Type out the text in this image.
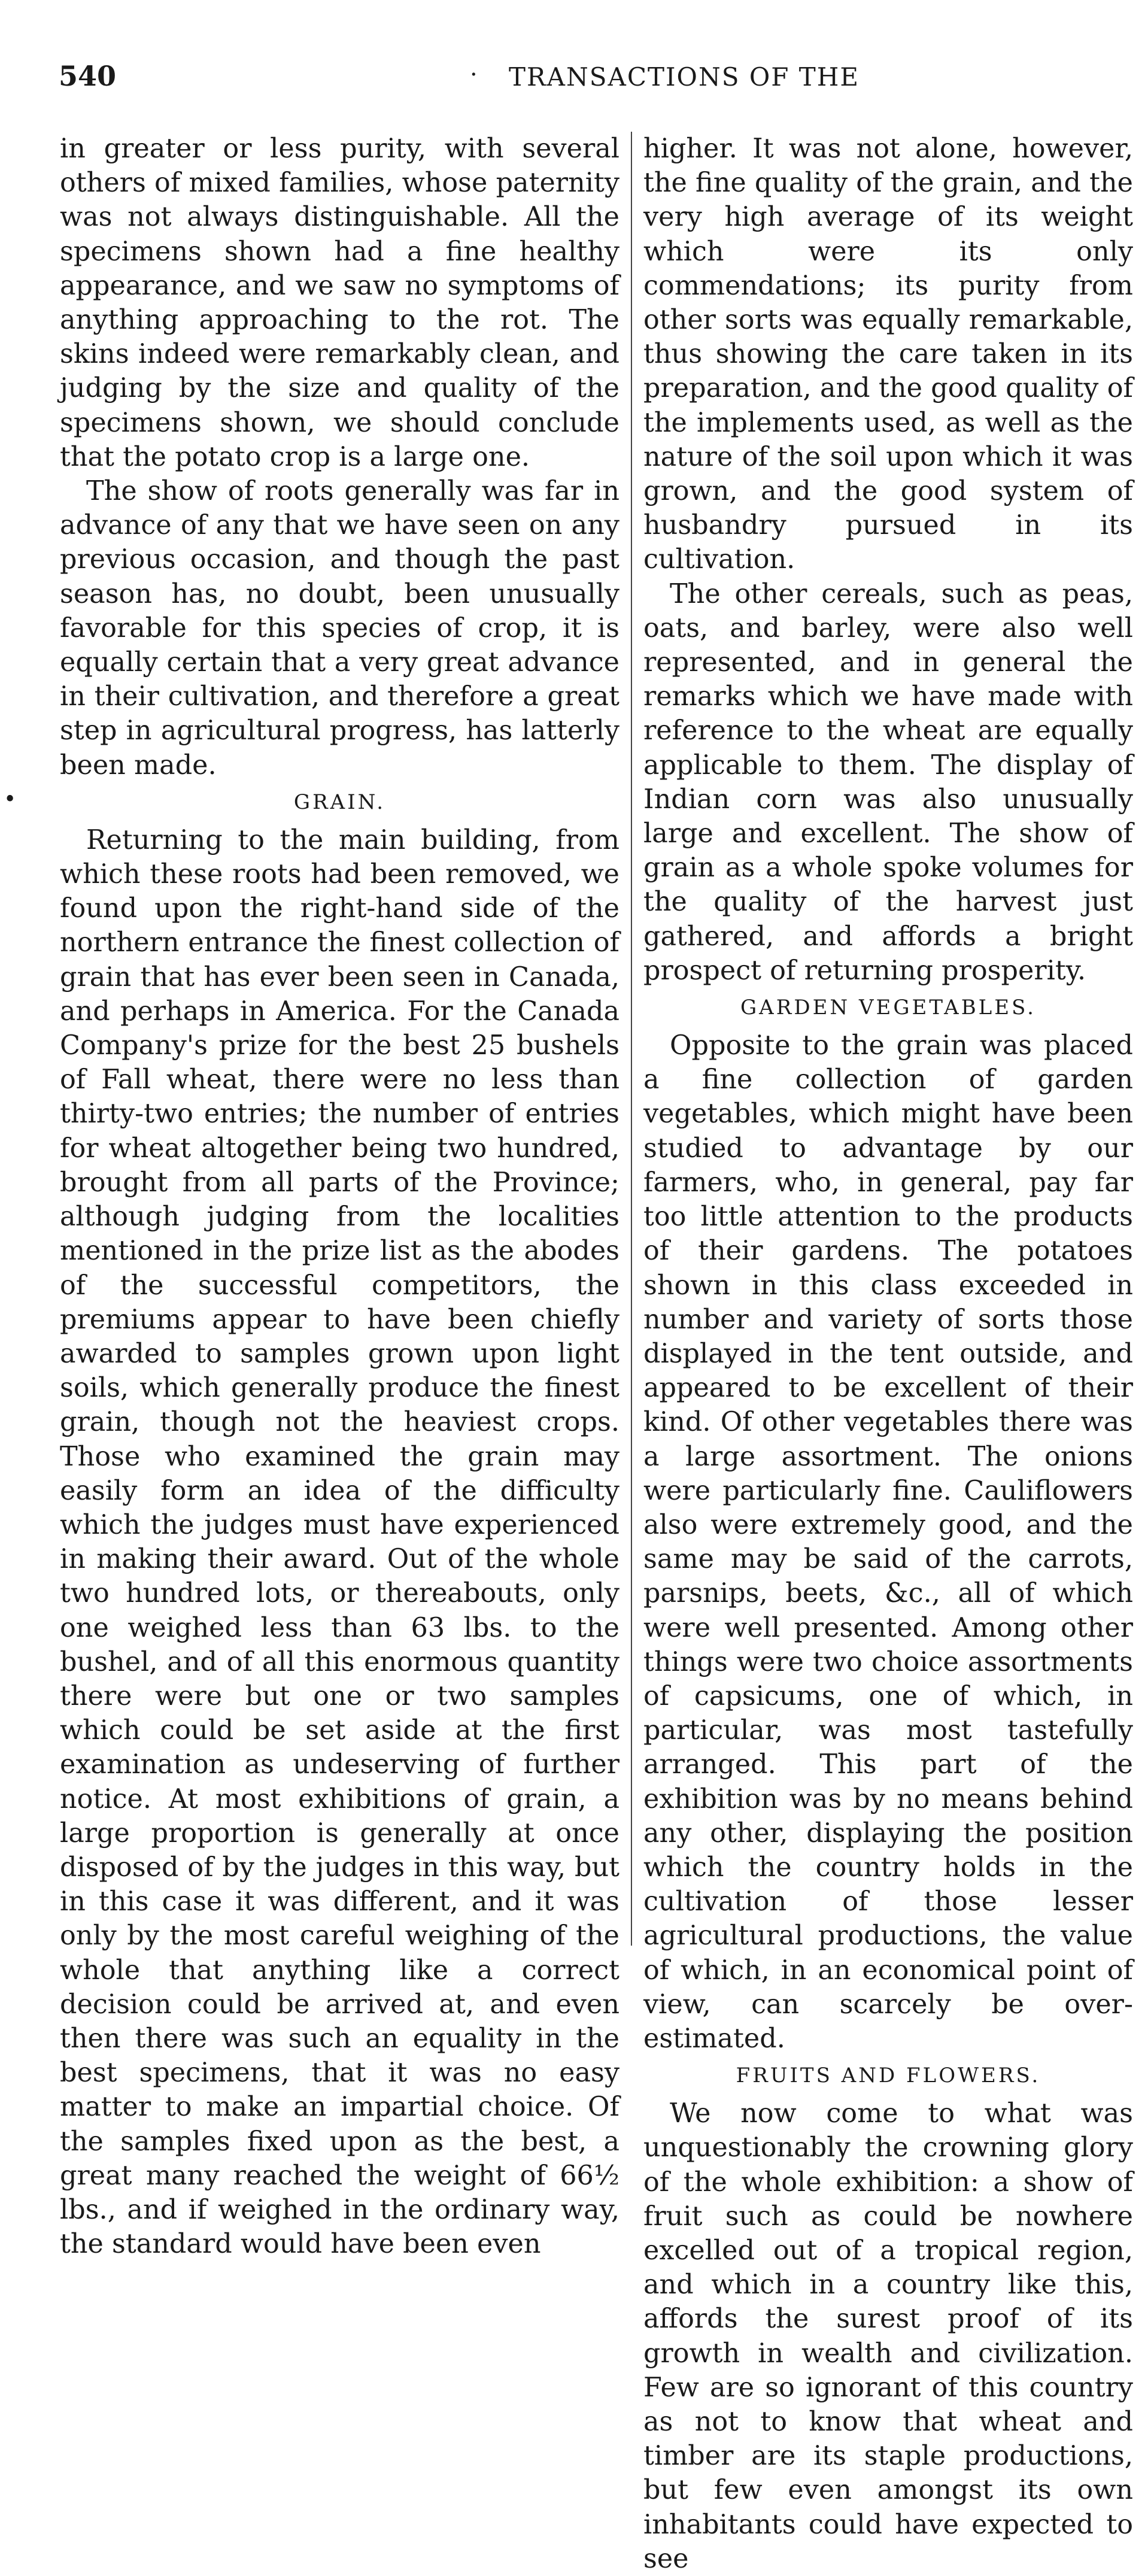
540	· TRANSACTIONS OF THE
•

in greater or less purity, with several others of mixed families, whose paternity was not always distinguishable. All the specimens shown had a fine healthy appearance, and we saw no symptoms of anything approaching to the rot. The skins indeed were remarkably clean, and judging by the size and quality of the specimens shown, we should conclude that the potato crop is a large one.

The show of roots generally was far in advance of any that we have seen on any previous occasion, and though the past season has, no doubt, been unusually favorable for this species of crop, it is equally certain that a very great advance in their cultivation, and therefore a great step in agricultural progress, has latterly been made.

GRAIN.

Returning to the main building, from which these roots had been removed, we found upon the right-hand side of the northern entrance the finest collection of grain that has ever been seen in Canada, and perhaps in America. For the Canada Company's prize for the best 25 bushels of Fall wheat, there were no less than thirty-two entries; the number of entries for wheat altogether being two hundred, brought from all parts of the Province; although judging from the localities mentioned in the prize list as the abodes of the successful competitors, the premiums appear to have been chiefly awarded to samples grown upon light soils, which generally produce the finest grain, though not the heaviest crops. Those who examined the grain may easily form an idea of the difficulty which the judges must have experienced in making their award. Out of the whole two hundred lots, or thereabouts, only one weighed less than 63 lbs. to the bushel, and of all this enormous quantity there were but one or two samples which could be set aside at the first examination as undeserving of further notice. At most exhibitions of grain, a large proportion is generally at once disposed of by the judges in this way, but in this case it was different, and it was only by the most careful weighing of the whole that anything like a correct decision could be arrived at, and even then there was such an equality in the best specimens, that it was no easy matter to make an impartial choice. Of the samples fixed upon as the best, a great many reached the weight of 66½ lbs., and if weighed in the ordinary way, the standard would have been even

higher. It was not alone, however, the fine quality of the grain, and the very high average of its weight which were its only commendations; its purity from other sorts was equally remarkable, thus showing the care taken in its preparation, and the good quality of the implements used, as well as the nature of the soil upon which it was grown, and the good system of husbandry pursued in its cultivation.

The other cereals, such as peas, oats, and barley, were also well represented, and in general the remarks which we have made with reference to the wheat are equally applicable to them. The display of Indian corn was also unusually large and excellent. The show of grain as a whole spoke volumes for the quality of the harvest just gathered, and affords a bright prospect of returning prosperity.

GARDEN VEGETABLES.

Opposite to the grain was placed a fine collection of garden vegetables, which might have been studied to advantage by our farmers, who, in general, pay far too little attention to the products of their gardens. The potatoes shown in this class exceeded in number and variety of sorts those displayed in the tent outside, and appeared to be excellent of their kind. Of other vegetables there was a large assortment. The onions were particularly fine. Cauliflowers also were extremely good, and the same may be said of the carrots, parsnips, beets, &c., all of which were well presented. Among other things were two choice assortments of capsicums, one of which, in particular, was most tastefully arranged. This part of the exhibition was by no means behind any other, displaying the position which the country holds in the cultivation of those lesser agricultural productions, the value of which, in an economical point of view, can scarcely be over-estimated.

FRUITS AND FLOWERS.

We now come to what was unquestionably the crowning glory of the whole exhibition: a show of fruit such as could be nowhere excelled out of a tropical region, and which in a country like this, affords the surest proof of its growth in wealth and civilization. Few are so ignorant of this country as not to know that wheat and timber are its staple productions, but few even amongst its own inhabitants could have expected to see
